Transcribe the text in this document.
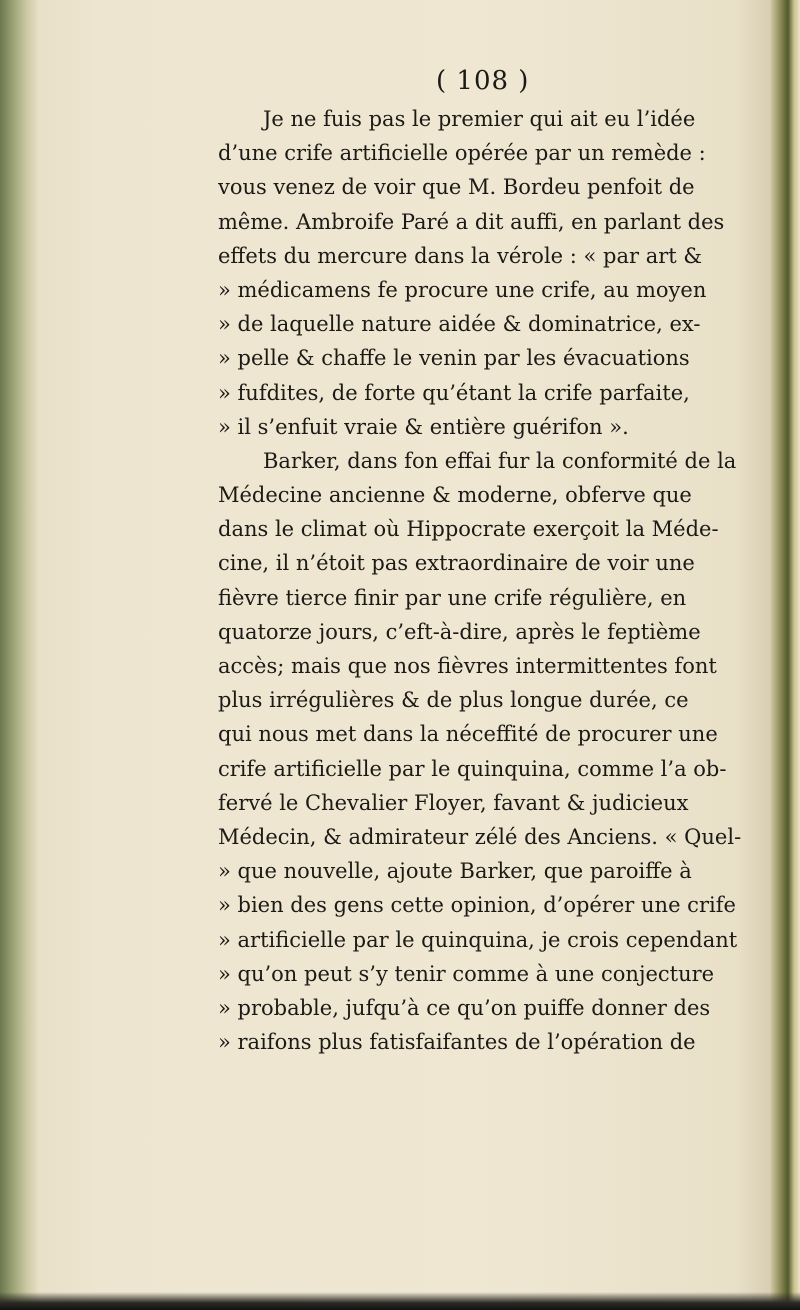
( 108 )
Je ne fuis pas le premier qui ait eu l’idée
d’une crife artificielle opérée par un remède :
vous venez de voir que M. Bordeu penfoit de
même. Ambroife Paré a dit auffi, en parlant des
effets du mercure dans la vérole : « par art &
» médicamens fe procure une crife, au moyen
» de laquelle nature aidée & dominatrice, ex-
» pelle & chaffe le venin par les évacuations
» fufdites, de forte qu’étant la crife parfaite,
» il s’enfuit vraie & entière guérifon ».
Barker, dans fon effai fur la conformité de la
Médecine ancienne & moderne, obferve que
dans le climat où Hippocrate exerçoit la Méde-
cine, il n’étoit pas extraordinaire de voir une
fièvre tierce finir par une crife régulière, en
quatorze jours, c’eft-à-dire, après le feptième
accès; mais que nos fièvres intermittentes font
plus irrégulières & de plus longue durée, ce
qui nous met dans la néceffité de procurer une
crife artificielle par le quinquina, comme l’a ob-
fervé le Chevalier Floyer, favant & judicieux
Médecin, & admirateur zélé des Anciens. « Quel-
» que nouvelle, ajoute Barker, que paroiffe à
» bien des gens cette opinion, d’opérer une crife
» artificielle par le quinquina, je crois cependant
» qu’on peut s’y tenir comme à une conjecture
» probable, jufqu’à ce qu’on puiffe donner des
» raifons plus fatisfaifantes de l’opération de
